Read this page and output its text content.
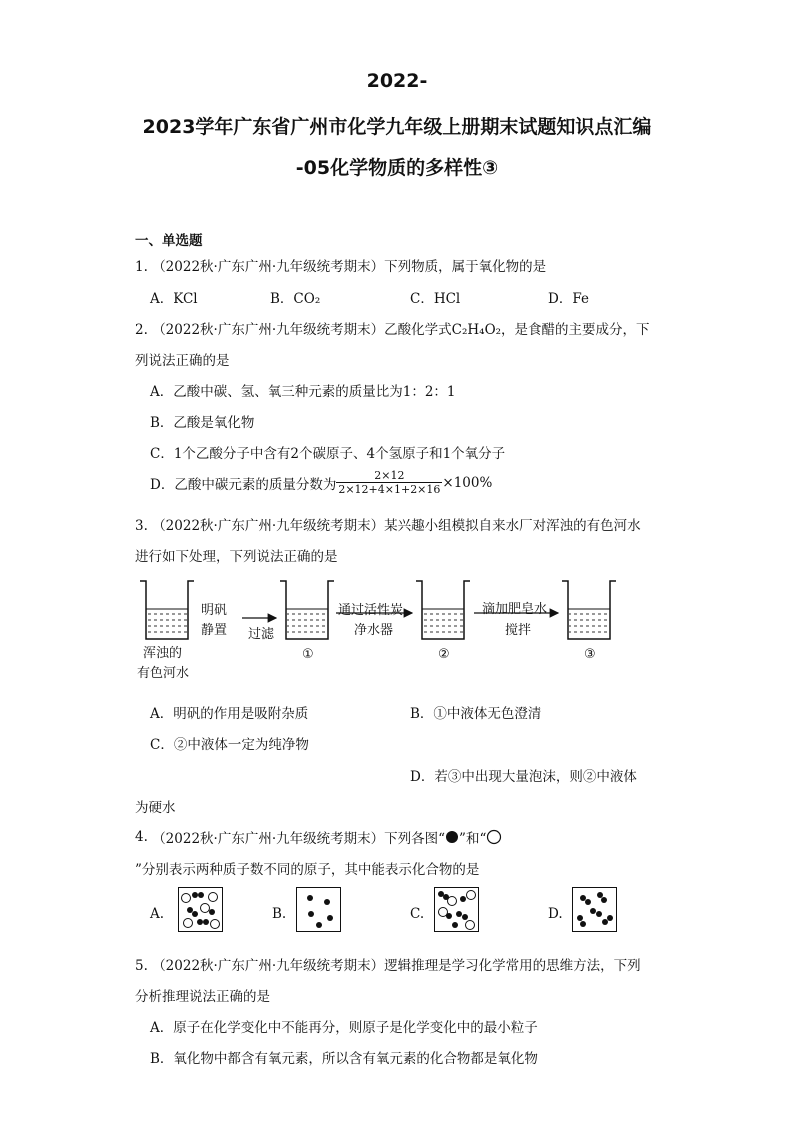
2022-
2023学年广东省广州市化学九年级上册期末试题知识点汇编
-05化学物质的多样性③
一、单选题
1. （2022秋·广东广州·九年级统考期末）下列物质，属于氧化物的是
A．KCl	B．CO₂	C．HCl	D．Fe
2. （2022秋·广东广州·九年级统考期末）乙酸化学式C₂H₄O₂，是食醋的主要成分，下
列说法正确的是
A．乙酸中碳、氢、氧三种元素的质量比为1：2：1
B．乙酸是氧化物
C．1个乙酸分子中含有2个碳原子、4个氢原子和1个氧分子
D．乙酸中碳元素的质量分数为 $\frac{2\times 12}{2\times 12+4\times 1+2\times 16} \times 100\%$
3. （2022秋·广东广州·九年级统考期末）某兴趣小组模拟自来水厂对浑浊的有色河水
进行如下处理，下列说法正确的是
明矾
静置 过滤
通过活性炭
净水器
滴加肥皂水
搅拌
浑浊的
有色河水
①	②	③
A．明矾的作用是吸附杂质	B．①中液体无色澄清
C．②中液体一定为纯净物
D．若③中出现大量泡沫，则②中液体
为硬水
4.
（2022秋·广东广州·九年级统考期末） 下列各图“ ”和“
”分别表示两种质子数不同的原子，其中能表示化合物的是
A.	B.	C.	D.
5. （2022秋·广东广州·九年级统考期末）逻辑推理是学习化学常用的思维方法，下列
分析推理说法正确的是
A．原子在化学变化中不能再分，则原子是化学变化中的最小粒子
B．氧化物中都含有氧元素，所以含有氧元素的化合物都是氧化物
